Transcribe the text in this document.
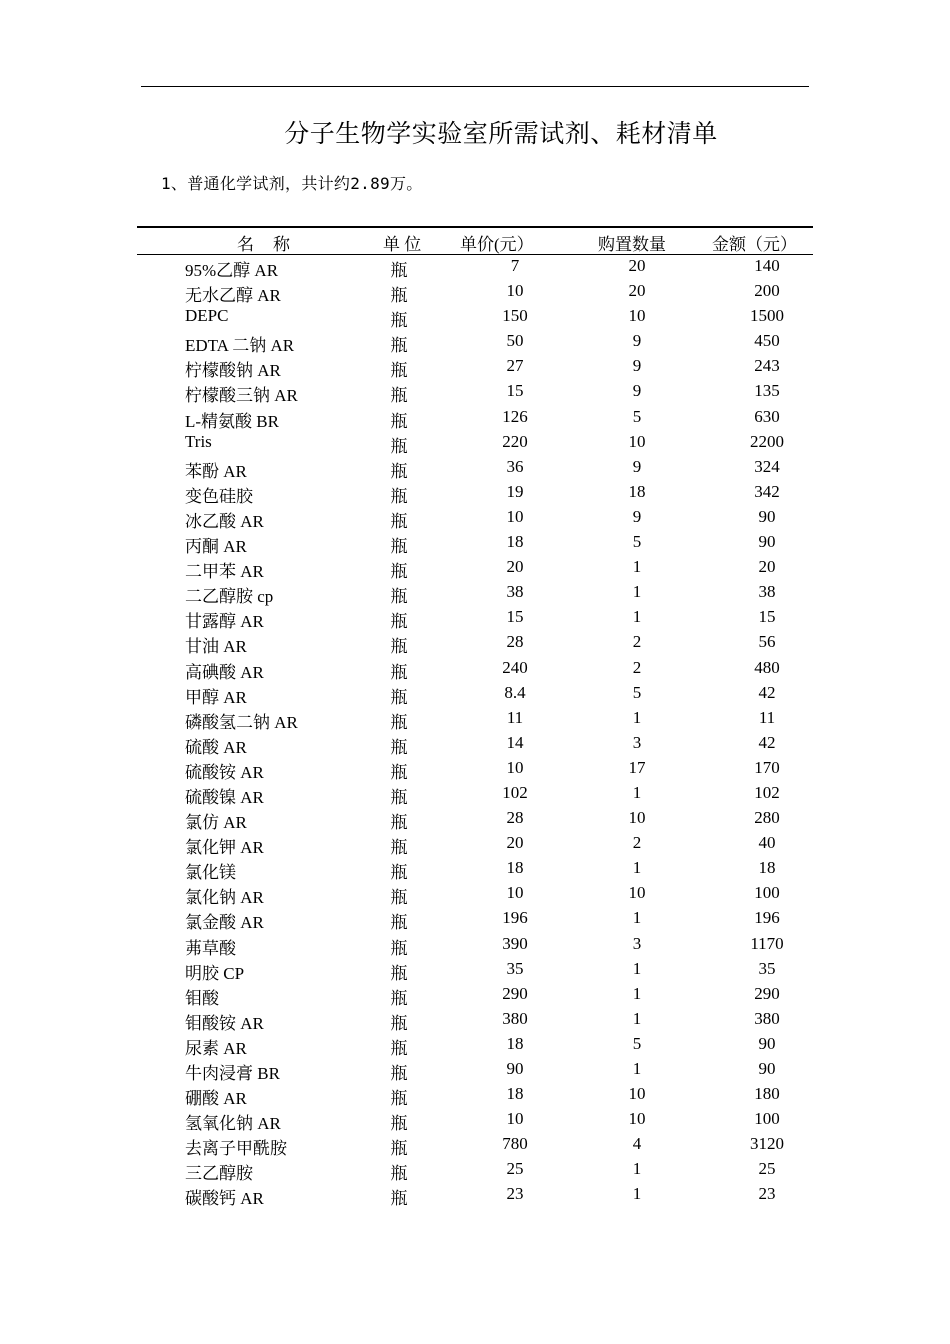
分子生物学实验室所需试剂、耗材清单
1、普通化学试剂，共计约2.89万。
名　称	单 位 单价(元）	购置数量	金额（元）
95%乙醇 AR	瓶	7	20	140
无水乙醇 AR	瓶	10	20	200
DEPC	瓶	150	10	1500
EDTA 二钠 AR	瓶	50	9	450
柠檬酸钠 AR	瓶	27	9	243
柠檬酸三钠 AR	瓶	15	9	135
L-精氨酸 BR	瓶	126	5	630
Tris	瓶	220	10	2200
苯酚 AR	瓶	36	9	324
变色硅胶	瓶	19	18	342
冰乙酸 AR	瓶	10	9	90
丙酮 AR	瓶	18	5	90
二甲苯 AR	瓶	20	1	20
二乙醇胺 cp	瓶	38	1	38
甘露醇 AR	瓶	15	1	15
甘油 AR	瓶	28	2	56
高碘酸 AR	瓶	240	2	480
甲醇 AR	瓶	8.4	5	42
磷酸氢二钠 AR	瓶	11	1	11
硫酸 AR	瓶	14	3	42
硫酸铵 AR	瓶	10	17	170
硫酸镍 AR	瓶	102	1	102
氯仿 AR	瓶	28	10	280
氯化钾 AR	瓶	20	2	40
氯化镁	瓶	18	1	18
氯化钠 AR	瓶	10	10	100
氯金酸 AR	瓶	196	1	196
茀草酸	瓶	390	3	1170
明胶 CP	瓶	35	1	35
钼酸	瓶	290	1	290
钼酸铵 AR	瓶	380	1	380
尿素 AR	瓶	18	5	90
牛肉浸膏 BR	瓶	90	1	90
硼酸 AR	瓶	18	10	180
氢氧化钠 AR	瓶	10	10	100
去离子甲酰胺	瓶	780	4	3120
三乙醇胺	瓶	25	1	25
碳酸钙 AR	瓶	23	1	23
